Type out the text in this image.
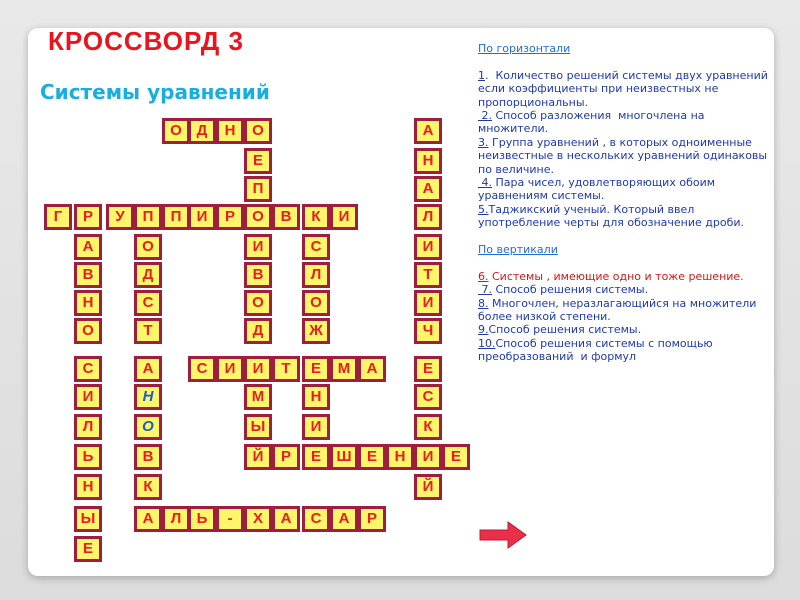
КРОССВОРД 3
Системы уравнений
О Д	Н	О
Е
П
Г	Р	У	П	П	И	Р	О	В	К	И
А
Н
А
Л
И
Т
И
Ч
Е
С
К
И
Й
А
В
Н
О
С
И
Л
Ь
Н
Ы
Е
О
Д
С
Т
А
Н
О
В
К
И
В
О
Д
И
М
Ы
Й
С
Л
О
Ж
Е
Н
И
С	И	Т	М	А
Р	Е	Ш	Е	Н	Е
А	Л	Ь	-	Х	А	С	А	Р

По горизонтали

1.  Количество решений системы двух уравнений если коэффициенты при неизвестных не пропорциональны.

2. Способ разложения  многочлена на множители.

3. Группа уравнений , в которых одноименные неизвестные в нескольких уравнений одинаковы по величине.

4. Пара чисел, удовлетворяющих обоим уравнениям системы.

5.Таджикский ученый. Который ввел употребление черты для обозначение дроби.

По вертикали

6. Системы , имеющие одно и тоже решение.

7. Способ решения системы.

8. Многочлен, неразлагающийся на множители более низкой степени.

9.Способ решения системы.

10.Способ решения системы с помощью преобразований  и формул
